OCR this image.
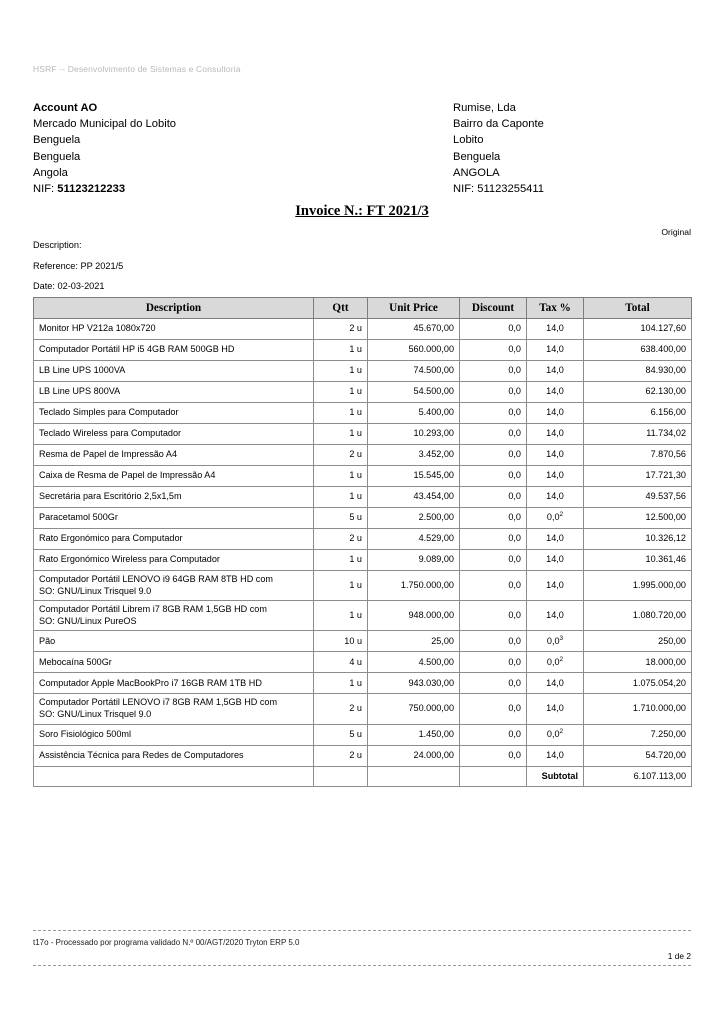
HSRF -- Desenvolvimento de Sistemas e Consultoria
Account AO
Mercado Municipal do Lobito
Benguela
Benguela
Angola
NIF: 51123212233
Rumise, Lda
Bairro da Caponte
Lobito
Benguela
ANGOLA
NIF: 51123255411
Invoice N.: FT 2021/3
Original
Description:
Reference: PP 2021/5
Date: 02-03-2021
Description	Qtt	Unit Price	Discount	Tax %	Total
Monitor HP V212a 1080x720	2 u	45.670,00	0,0	14,0	104.127,60
Computador Portátil HP i5 4GB RAM 500GB HD	1 u	560.000,00	0,0	14,0	638.400,00
LB Line UPS 1000VA	1 u	74.500,00	0,0	14,0	84.930,00
LB Line UPS 800VA	1 u	54.500,00	0,0	14,0	62.130,00
Teclado Simples para Computador	1 u	5.400,00	0,0	14,0	6.156,00
Teclado Wireless para Computador	1 u	10.293,00	0,0	14,0	11.734,02
Resma de Papel de Impressão A4	2 u	3.452,00	0,0	14,0	7.870,56
Caixa de Resma de Papel de Impressão A4	1 u	15.545,00	0,0	14,0	17.721,30
Secretária para Escritório 2,5x1,5m	1 u	43.454,00	0,0	14,0	49.537,56
Paracetamol 500Gr	5 u	2.500,00	0,0	$0,0^2$	12.500,00
Rato Ergonómico para Computador	2 u	4.529,00	0,0	14,0	10.326,12
Rato Ergonómico Wireless para Computador	1 u	9.089,00	0,0	14,0	10.361,46
Computador Portátil LENOVO i9 64GB RAM 8TB HD com
SO: GNU/Linux Trisquel 9.0	1 u	1.750.000,00	0,0	14,0	1.995.000,00
Computador Portátil Librem i7 8GB RAM 1,5GB HD com
SO: GNU/Linux PureOS	1 u	948.000,00	0,0	14,0	1.080.720,00
Pão	10 u	25,00	0,0	$0,0^3$	250,00
Mebocaína 500Gr	4 u	4.500,00	0,0	$0,0^2$	18.000,00
Computador Apple MacBookPro i7 16GB RAM 1TB HD	1 u	943.030,00	0,0	14,0	1.075.054,20
Computador Portátil LENOVO i7 8GB RAM 1,5GB HD com
SO: GNU/Linux Trisquel 9.0	2 u	750.000,00	0,0	14,0	1.710.000,00
Soro Fisiológico 500ml	5 u	1.450,00	0,0	$0,0^2$	7.250,00
Assistência Técnica para Redes de Computadores	2 u	24.000,00	0,0	14,0	54.720,00
				Subtotal	6.107.113,00
t17o - Processado por programa validado N.º 00/AGT/2020 Tryton ERP 5.0
1 de 2
